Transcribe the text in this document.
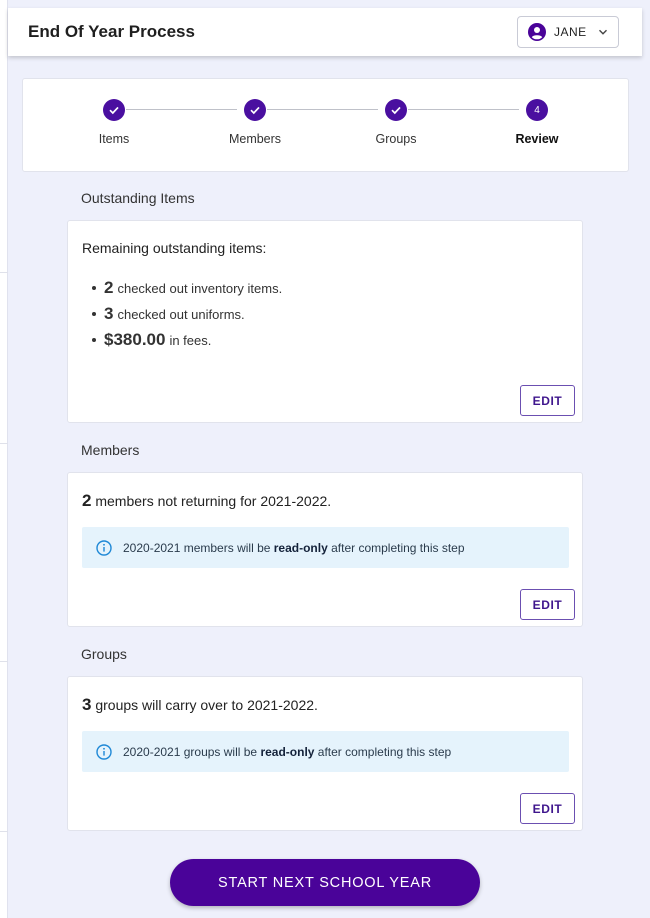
End Of Year Process	JANE
Items	Members	Groups
4
Review
Outstanding Items
Remaining outstanding items:
2 checked out inventory items.
3 checked out uniforms.
$380.00 in fees.
EDIT
Members
2 members not returning for 2021-2022.
2020-2021 members will be read-only after completing this step
EDIT
Groups
3 groups will carry over to 2021-2022.
2020-2021 groups will be read-only after completing this step
EDIT
START NEXT SCHOOL YEAR
